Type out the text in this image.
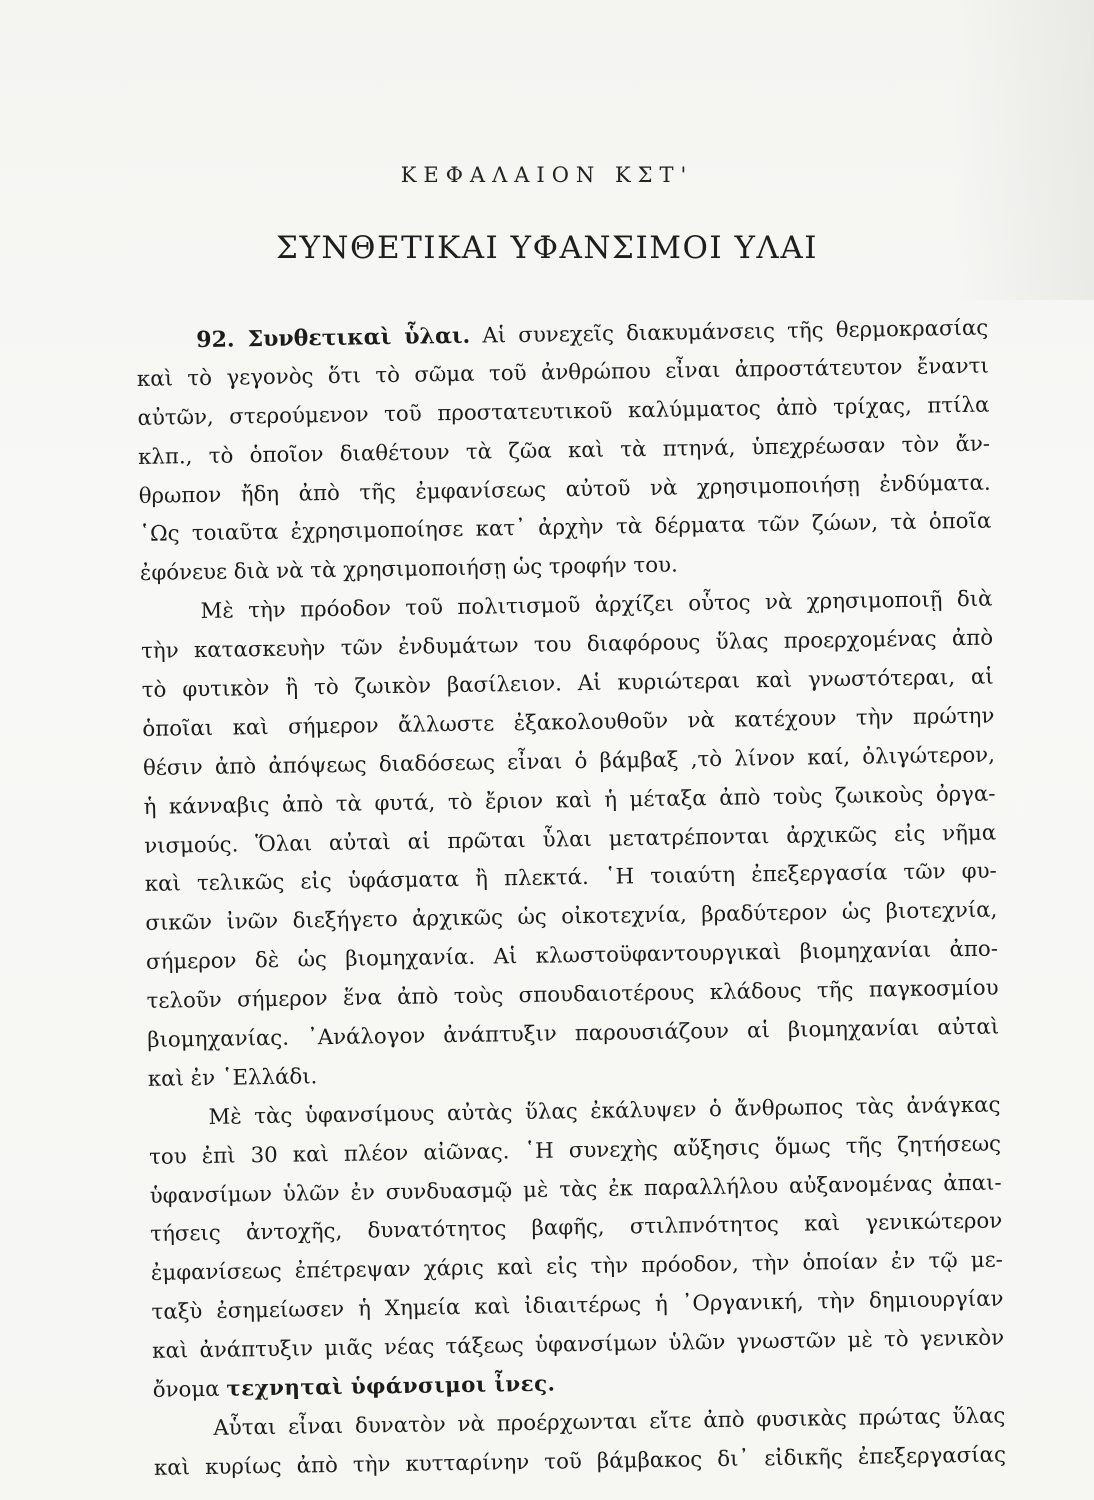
ΚΕΦΑΛΑΙΟΝ ΚΣΤ'
ΣΥΝΘΕΤΙΚΑΙ ΥΦΑΝΣΙΜΟΙ ΥΛΑΙ
92. Συνθετικαὶ ὗλαι. Αἱ συνεχεῖς διακυμάνσεις τῆς θερμοκρασίας
καὶ τὸ γεγονὸς ὅτι τὸ σῶμα τοῦ ἀνθρώπου εἶναι ἀπροστάτευτον ἔναντι
αὐτῶν, στερούμενον τοῦ προστατευτικοῦ καλύμματος ἀπὸ τρίχας, πτίλα
κλπ., τὸ ὁποῖον διαθέτουν τὰ ζῶα καὶ τὰ πτηνά, ὑπεχρέωσαν τὸν ἄν-
θρωπον ἤδη ἀπὸ τῆς ἐμφανίσεως αὐτοῦ νὰ χρησιμοποιήσῃ ἐνδύματα.
῾Ως τοιαῦτα ἐχρησιμοποίησε κατ᾽ ἀρχὴν τὰ δέρματα τῶν ζώων, τὰ ὁποῖα
ἐφόνευε διὰ νὰ τὰ χρησιμοποιήσῃ ὡς τροφήν του.
Μὲ τὴν πρόοδον τοῦ πολιτισμοῦ ἀρχίζει οὗτος νὰ χρησιμοποιῇ διὰ
τὴν κατασκευὴν τῶν ἐνδυμάτων του διαφόρους ὕλας προερχομένας ἀπὸ
τὸ φυτικὸν ἢ τὸ ζωικὸν βασίλειον. Αἱ κυριώτεραι καὶ γνωστότεραι, αἱ
ὁποῖαι καὶ σήμερον ἄλλωστε ἐξακολουθοῦν νὰ κατέχουν τὴν πρώτην
θέσιν ἀπὸ ἀπόψεως διαδόσεως εἶναι ὁ βάμβαξ ,τὸ λίνον καί, ὀλιγώτερον,
ἡ κάνναβις ἀπὸ τὰ φυτά, τὸ ἔριον καὶ ἡ μέταξα ἀπὸ τοὺς ζωικοὺς ὀργα-
νισμούς. Ὅλαι αὐταὶ αἱ πρῶται ὗλαι μετατρέπονται ἀρχικῶς εἰς νῆμα
καὶ τελικῶς εἰς ὑφάσματα ἢ πλεκτά. ῾Η τοιαύτη ἐπεξεργασία τῶν φυ-
σικῶν ἰνῶν διεξήγετο ἀρχικῶς ὡς οἰκοτεχνία, βραδύτερον ὡς βιοτεχνία,
σήμερον δὲ ὡς βιομηχανία. Αἱ κλωστοϋφαντουργικαὶ βιομηχανίαι ἀπο-
τελοῦν σήμερον ἕνα ἀπὸ τοὺς σπουδαιοτέρους κλάδους τῆς παγκοσμίου
βιομηχανίας. ᾿Ανάλογον ἀνάπτυξιν παρουσιάζουν αἱ βιομηχανίαι αὐταὶ
καὶ ἐν ῾Ελλάδι.
Μὲ τὰς ὑφανσίμους αὐτὰς ὕλας ἐκάλυψεν ὁ ἄνθρωπος τὰς ἀνάγκας
του ἐπὶ 30 καὶ πλέον αἰῶνας. ῾Η συνεχὴς αὔξησις ὅμως τῆς ζητήσεως
ὑφανσίμων ὑλῶν ἐν συνδυασμῷ μὲ τὰς ἐκ παραλλήλου αὐξανομένας ἀπαι-
τήσεις ἀντοχῆς, δυνατότητος βαφῆς, στιλπνότητος καὶ γενικώτερον
ἐμφανίσεως ἐπέτρεψαν χάρις καὶ εἰς τὴν πρόοδον, τὴν ὁποίαν ἐν τῷ με-
ταξὺ ἐσημείωσεν ἡ Χημεία καὶ ἰδιαιτέρως ἡ ᾿Οργανική, τὴν δημιουργίαν
καὶ ἀνάπτυξιν μιᾶς νέας τάξεως ὑφανσίμων ὑλῶν γνωστῶν μὲ τὸ γενικὸν
ὄνομα τεχνηταὶ ὑφάνσιμοι ἶνες.
Αὗται εἶναι δυνατὸν νὰ προέρχωνται εἴτε ἀπὸ φυσικὰς πρώτας ὕλας
καὶ κυρίως ἀπὸ τὴν κυτταρίνην τοῦ βάμβακος δι᾽ εἰδικῆς ἐπεξεργασίας
